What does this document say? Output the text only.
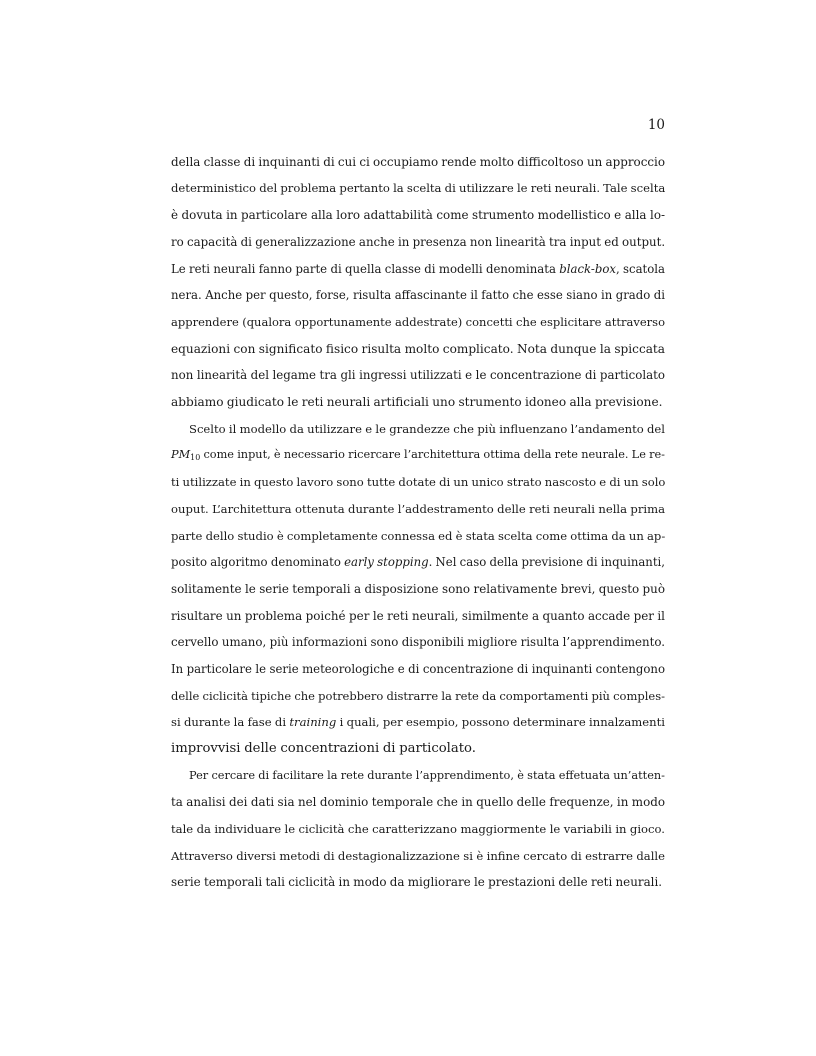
10
della classe di inquinanti di cui ci occupiamo rende molto difficoltoso un approccio
deterministico del problema pertanto la scelta di utilizzare le reti neurali. Tale scelta
è dovuta in particolare alla loro adattabilità come strumento modellistico e alla lo-
ro capacità di generalizzazione anche in presenza non linearità tra input ed output.
Le reti neurali fanno parte di quella classe di modelli denominata black-box, scatola
nera. Anche per questo, forse, risulta affascinante il fatto che esse siano in grado di
apprendere (qualora opportunamente addestrate) concetti che esplicitare attraverso
equazioni con significato fisico risulta molto complicato. Nota dunque la spiccata
non linearità del legame tra gli ingressi utilizzati e le concentrazione di particolato
abbiamo giudicato le reti neurali artificiali uno strumento idoneo alla previsione.
Scelto il modello da utilizzare e le grandezze che più influenzano l’andamento del
$PM_{10}$ come input, è necessario ricercare l’architettura ottima della rete neurale. Le re-
ti utilizzate in questo lavoro sono tutte dotate di un unico strato nascosto e di un solo
ouput. L’architettura ottenuta durante l’addestramento delle reti neurali nella prima
parte dello studio è completamente connessa ed è stata scelta come ottima da un ap-
posito algoritmo denominato early stopping. Nel caso della previsione di inquinanti,
solitamente le serie temporali a disposizione sono relativamente brevi, questo può
risultare un problema poiché per le reti neurali, similmente a quanto accade per il
cervello umano, più informazioni sono disponibili migliore risulta l’apprendimento.
In particolare le serie meteorologiche e di concentrazione di inquinanti contengono
delle ciclicità tipiche che potrebbero distrarre la rete da comportamenti più comples-
si durante la fase di training i quali, per esempio, possono determinare innalzamenti
improvvisi delle concentrazioni di particolato.
Per cercare di facilitare la rete durante l’apprendimento, è stata effetuata un’atten-
ta analisi dei dati sia nel dominio temporale che in quello delle frequenze, in modo
tale da individuare le ciclicità che caratterizzano maggiormente le variabili in gioco.
Attraverso diversi metodi di destagionalizzazione si è infine cercato di estrarre dalle
serie temporali tali ciclicità in modo da migliorare le prestazioni delle reti neurali.
